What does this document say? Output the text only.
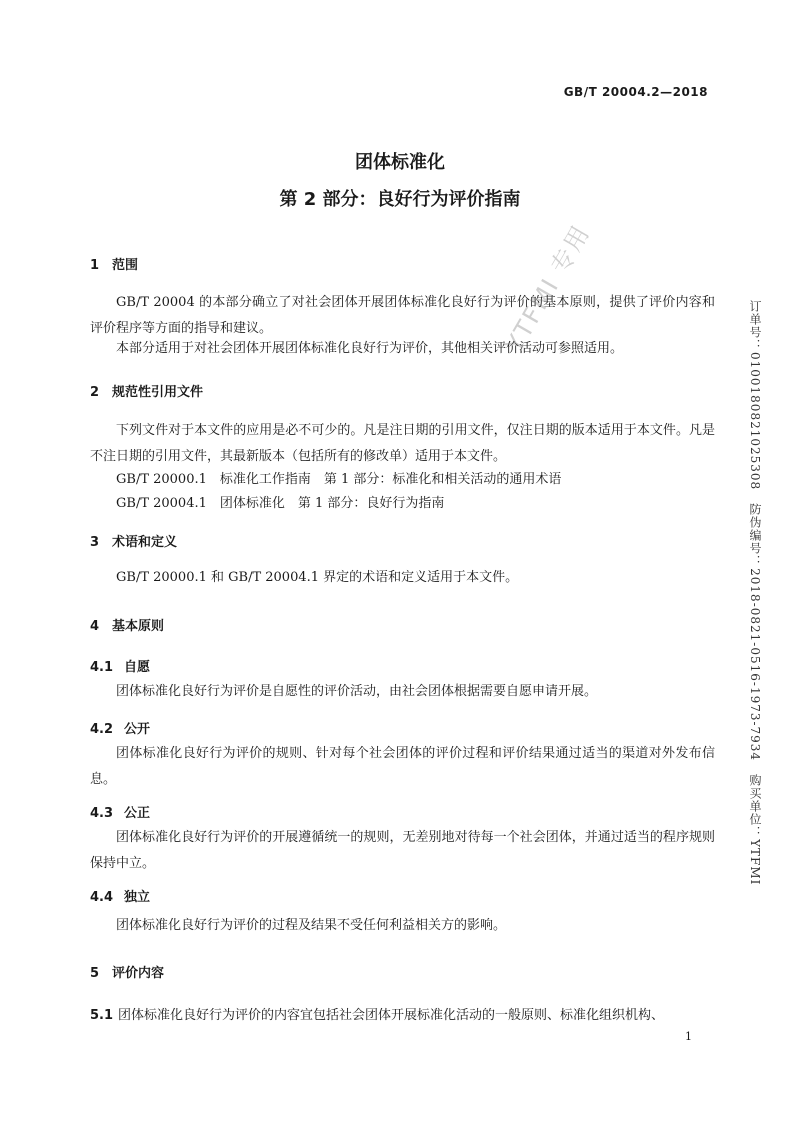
GB/T 20004.2—2018
团体标准化
第 2 部分：良好行为评价指南
1 范围
GB/T 20004 的本部分确立了对社会团体开展团体标准化良好行为评价的基本原则，提供了评价内容和评价程序等方面的指导和建议。
本部分适用于对社会团体开展团体标准化良好行为评价，其他相关评价活动可参照适用。
2 规范性引用文件
下列文件对于本文件的应用是必不可少的。凡是注日期的引用文件，仅注日期的版本适用于本文件。凡是不注日期的引用文件，其最新版本（包括所有的修改单）适用于本文件。
GB/T 20000.1　标准化工作指南　第 1 部分：标准化和相关活动的通用术语
GB/T 20004.1　团体标准化　第 1 部分：良好行为指南
3 术语和定义
GB/T 20000.1 和 GB/T 20004.1 界定的术语和定义适用于本文件。
4 基本原则
4.1 自愿
团体标准化良好行为评价是自愿性的评价活动，由社会团体根据需要自愿申请开展。
4.2 公开
团体标准化良好行为评价的规则、针对每个社会团体的评价过程和评价结果通过适当的渠道对外发布信息。
4.3 公正
团体标准化良好行为评价的开展遵循统一的规则，无差别地对待每一个社会团体，并通过适当的程序规则保持中立。
4.4 独立
团体标准化良好行为评价的过程及结果不受任何利益相关方的影响。
5 评价内容
5.1 团体标准化良好行为评价的内容宜包括社会团体开展标准化活动的一般原则、标准化组织机构、
1
订单号：0100180821025308　防伪编号：2018-0821-0516-1973-7934　购买单位：YTFMI
YTFMI 专用
